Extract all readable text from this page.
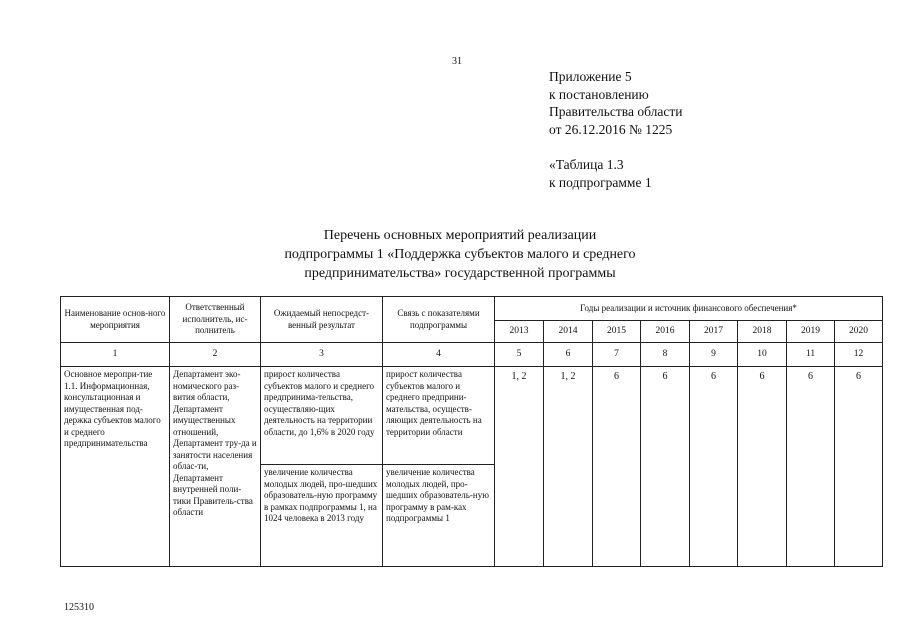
31
Приложение 5
к постановлению
Правительства области
от 26.12.2016 № 1225
«Таблица 1.3
к подпрограмме 1
Перечень основных мероприятий реализации
подпрограммы 1 «Поддержка субъектов малого и среднего
предпринимательства» государственной программы
Наименование основ-ного мероприятия	Ответственный исполнитель, ис-полнитель	Ожидаемый непосредст-венный результат	Связь с показателями подпрограммы	Годы реализации и источник финансового обеспечения*							
				2013	2014	2015	2016	2017	2018	2019	2020
1	2	3	4	5	6	7	8	9	10	11	12
Основное меропри-тие 1.1. Информационная, консультационная и имущественная под-держка субъектов малого и среднего предпринимательства	Департамент эко-номического раз-вития области, Департамент имущественных отношений, Департамент тру-да и занятости населения облас-ти, Департамент внутренней поли-тики Правитель-ства области	прирост количества субъектов малого и среднего предпринима-тельства, осуществляю-щих деятельность на территории области, до 1,6% в 2020 году	прирост количества субъектов малого и среднего предприни-мательства, осуществ-ляющих деятельность на территории области	1, 2	1, 2	6	6	6	6	6	6
		увеличение количества молодых людей, про-шедших образователь-ную программу в рамках подпрограммы 1, на 1024 человека в 2013 году	увеличение количества молодых людей, про-шедших образователь-ную программу в рам-ках подпрограммы 1								
125310
